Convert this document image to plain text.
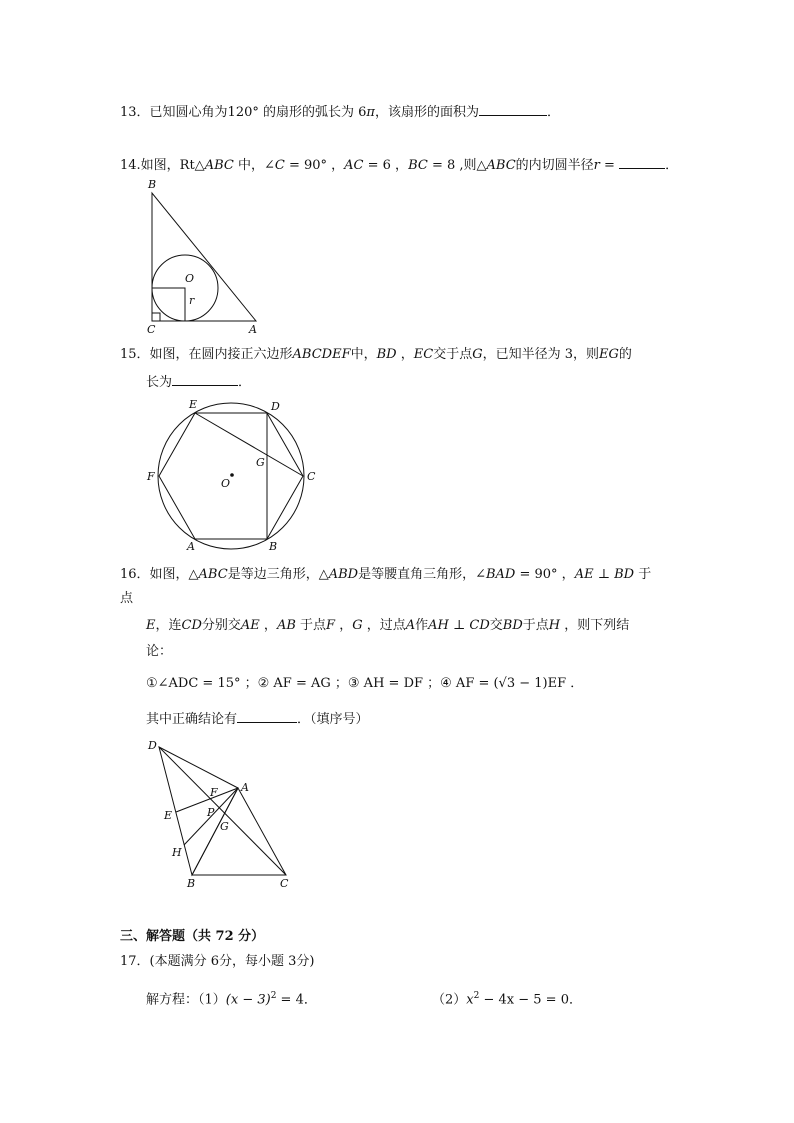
13．已知圆心角为120° 的扇形的弧长为 6π，该扇形的面积为	．
14.如图，Rt△ABC 中，∠C = 90° ，AC = 6 ，BC = 8 ,则△ABC的内切圆半径r =	．
B
C	A
O
r
15．如图，在圆内接正六边形ABCDEF中，BD ，EC交于点G，已知半径为 3，则EG的
长为	．
E	D
F	C
G
O
A	B
16．如图，△ABC是等边三角形，△ABD是等腰直角三角形，∠BAD = 90° ，AE ⊥ BD 于
点
E，连CD分别交AE ，AB 于点F ，G ，过点A作AH ⊥ CD交BD于点H ，则下列结
论：
①∠ADC = 15° ；② AF = AG ；③ AH = DF ；④ AF = (√3 − 1)EF ．
其中正确结论有	．（填序号）
D
A
F
E	P
G
H
B	C
三、解答题（共 72 分）
17．(本题满分 6分，每小题 3分)
解方程：$(1)(x - 3)^2 = 4$．	$(2)x^2 - 4x - 5 = 0$．
